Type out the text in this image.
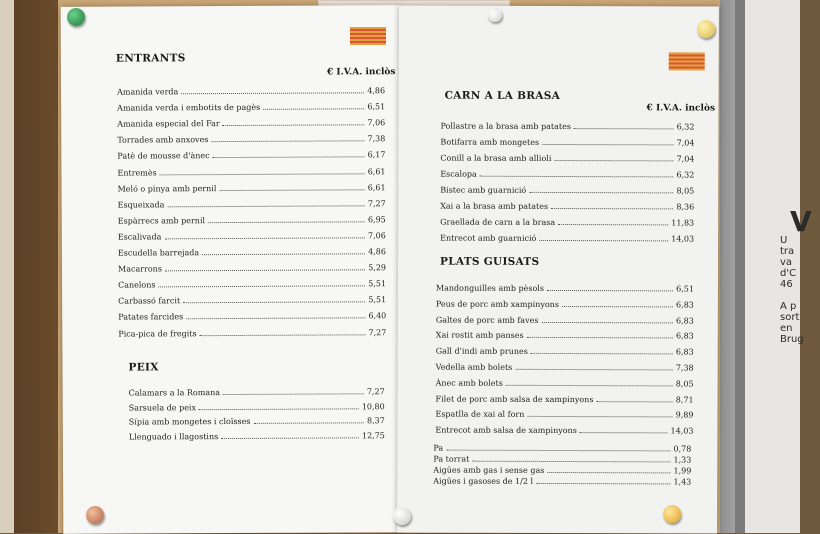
V
U
tra
va
d'C
46

A p
sort
en
Brug
ENTRANTS
€ I.V.A. inclòs
PEIX
Amanida verda	4,86
Amanida verda i embotits de pagès	6,51
Amanida especial del Far	7,06
Torrades amb anxoves	7,38
Patè de mousse d'ànec	6,17
Entremès	6,61
Meló o pinya amb pernil	6,61
Esqueixada	7,27
Espàrrecs amb pernil	6,95
Escalivada	7,06
Escudella barrejada	4,86
Macarrons	5,29
Canelons	5,51
Carbassó farcit	5,51
Patates farcides	6,40
Pica-pica de fregits	7,27
Calamars a la Romana	7,27
Sarsuela de peix	10,80
Sípia amb mongetes i cloïsses	8,37
Llenguado i llagostins	12,75
CARN A LA BRASA
€ I.V.A. inclòs
PLATS GUISATS
Pollastre a la brasa amb patates	6,32
Botifarra amb mongetes	7,04
Conill a la brasa amb allioli	7,04
Escalopa	6,32
Bistec amb guarnició	8,05
Xai a la brasa amb patates	8,36
Graellada de carn a la brasa	11,83
Entrecot amb guarnició	14,03
Mandonguilles amb pèsols	6,51
Peus de porc amb xampinyons	6,83
Galtes de porc amb faves	6,83
Xai rostit amb panses	6,83
Gall d'indi amb prunes	6,83
Vedella amb bolets	7,38
Ànec amb bolets	8,05
Filet de porc amb salsa de xampinyons	8,71
Espatlla de xai al forn	9,89
Entrecot amb salsa de xampinyons	14,03
Pa	0,78
Pa torrat	1,33
Aigües amb gas i sense gas	1,99
Aigües i gasoses de 1/2 l	1,43
